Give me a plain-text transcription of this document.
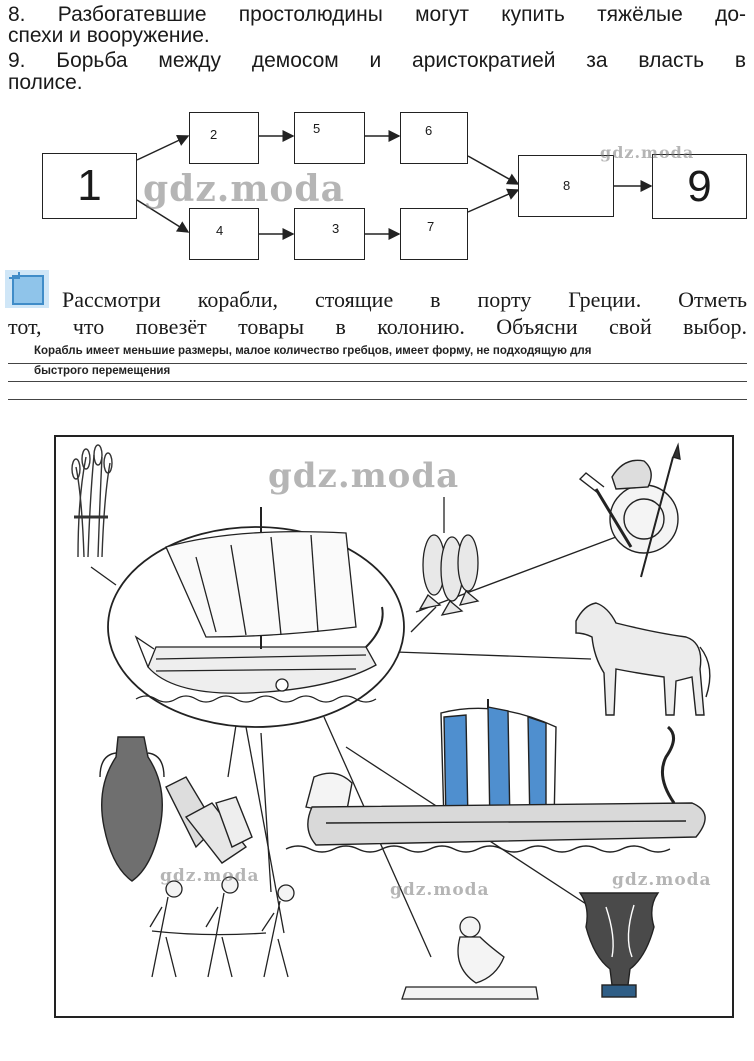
8. Разбогатевшие простолюдины могут купить тяжёлые до-
спехи и вооружение.
9. Борьба между демосом и аристократией за власть в
полисе.
1
2	5	6
4	3	7
8	9
gdz.moda
gdz.moda
Рассмотри корабли, стоящие в порту Греции. Отметь
тот, что повезёт товары в колонию. Объясни свой выбор.
Корабль имеет меньшие размеры, малое количество гребцов, имеет форму, не подходящую для
быстрого перемещения
gdz.moda
gdz.moda
gdz.moda	gdz.moda
